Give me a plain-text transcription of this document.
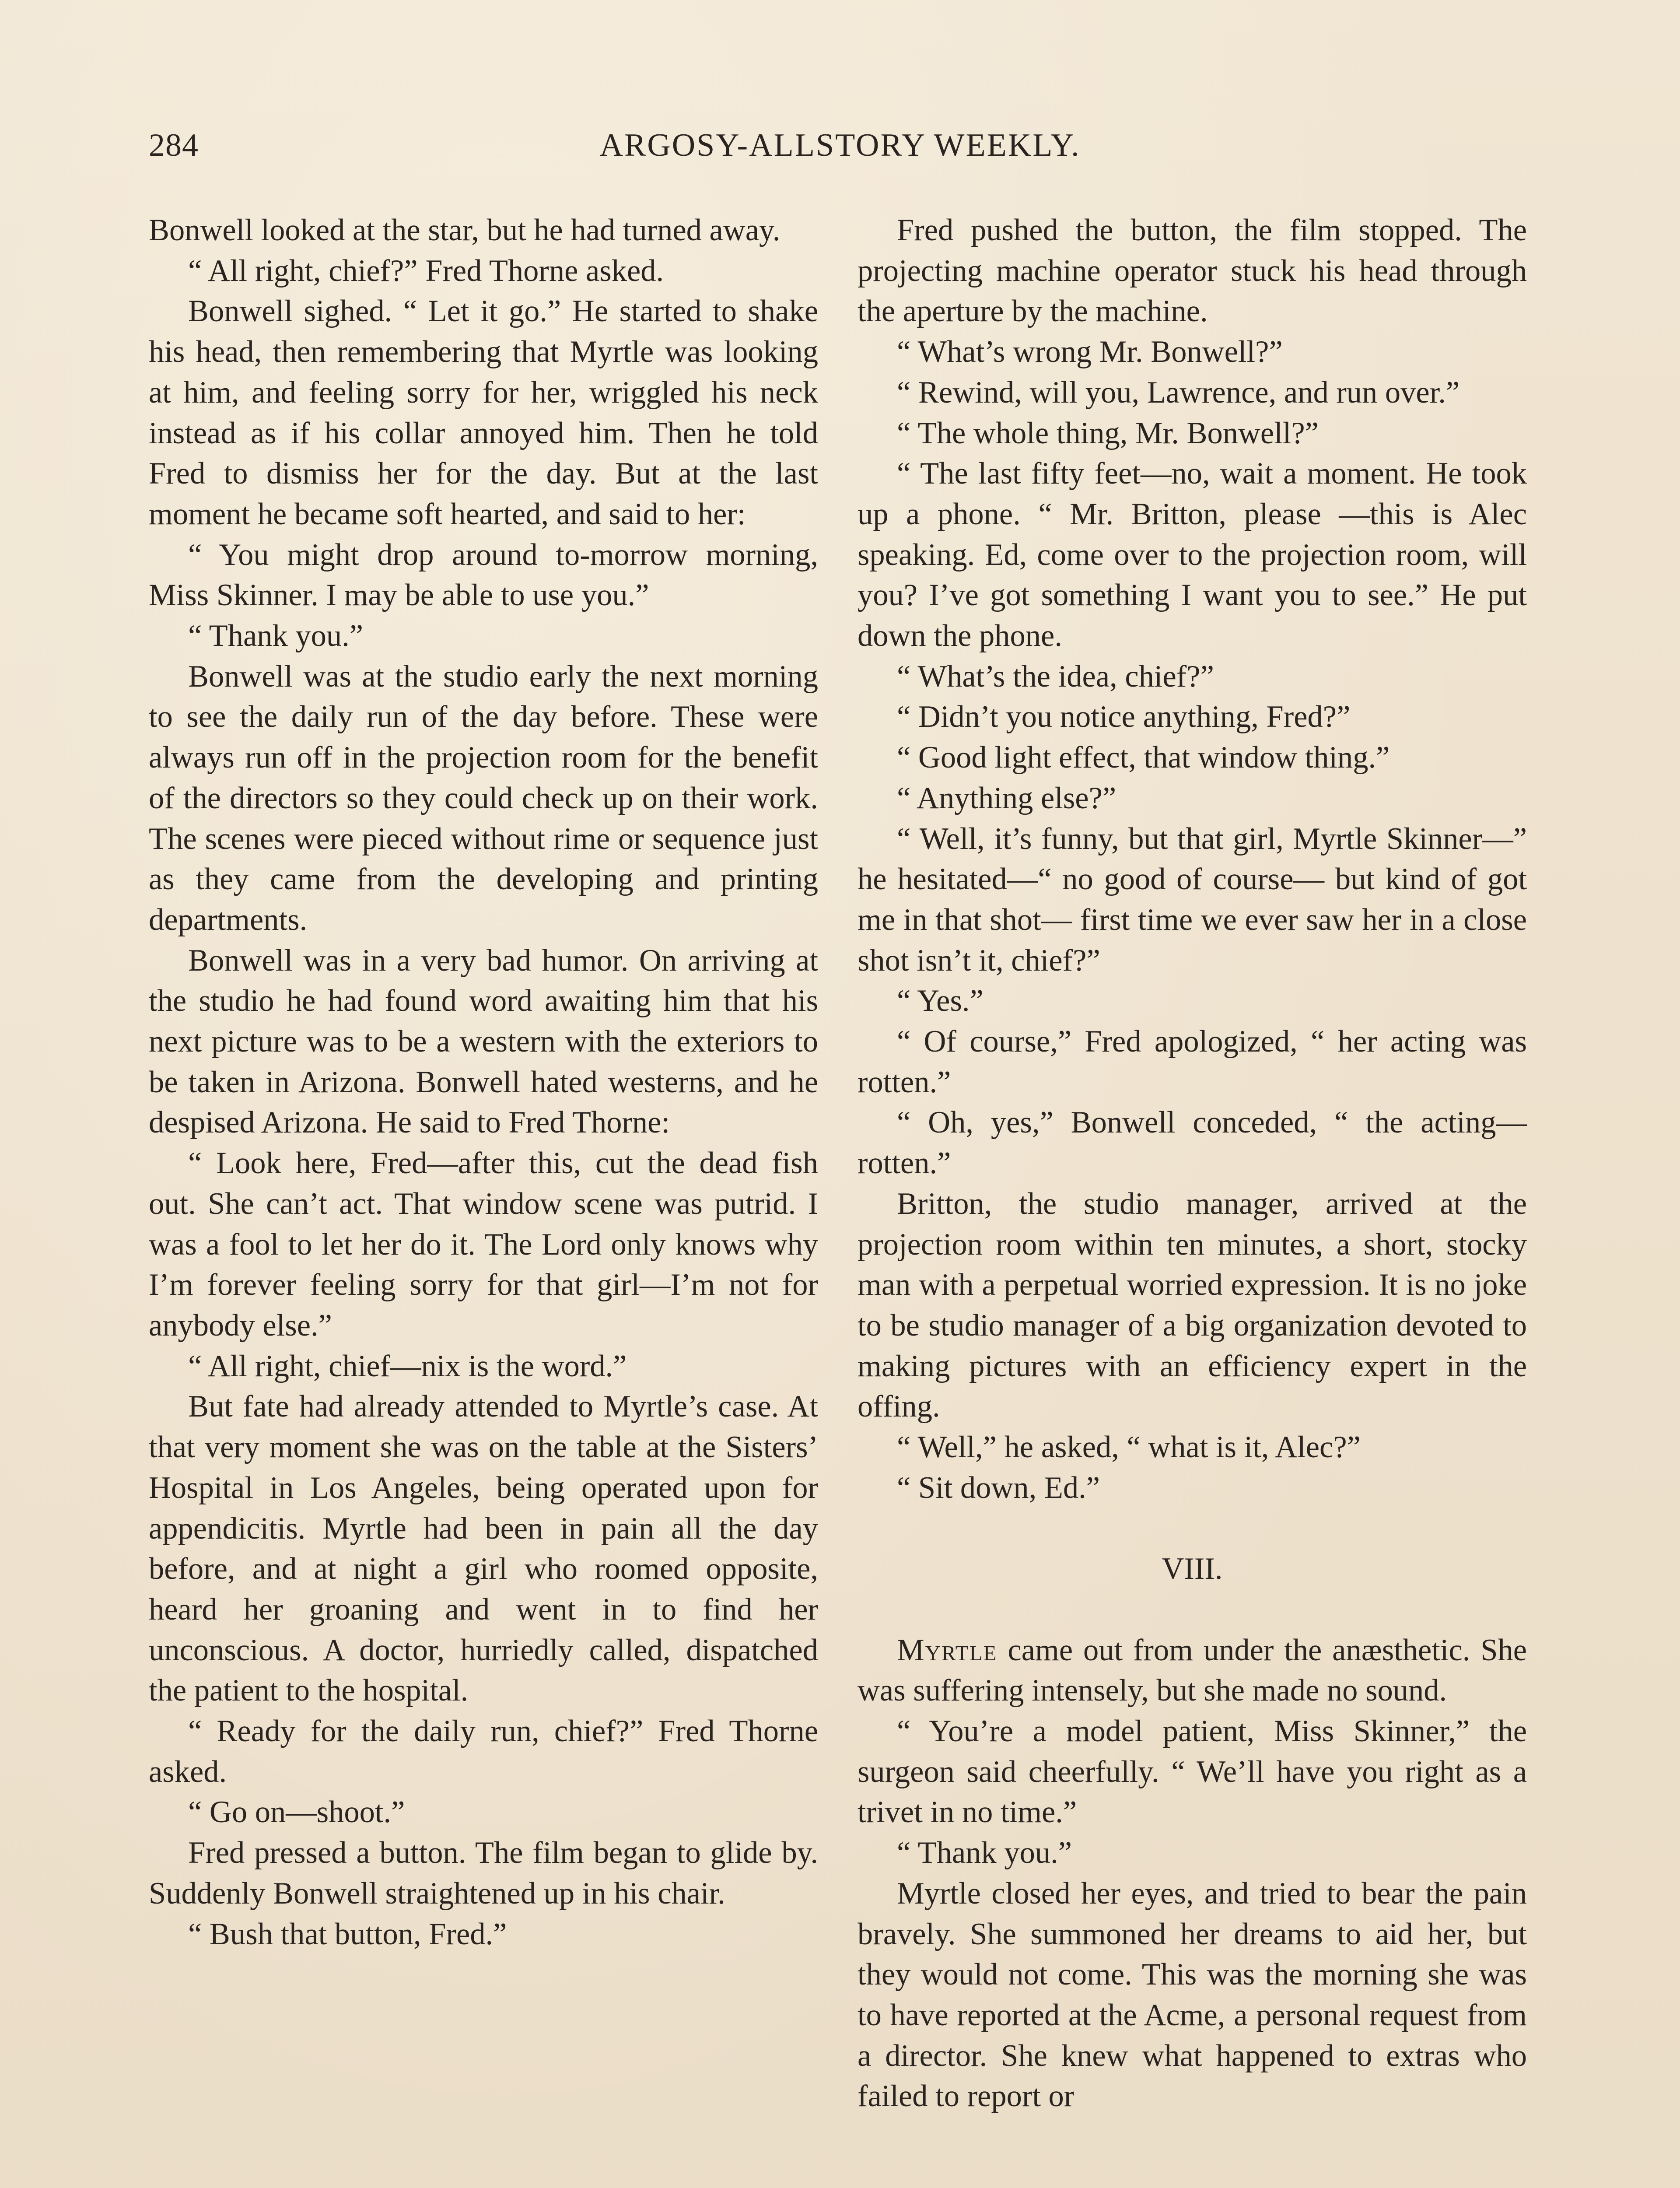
284	ARGOSY-ALLSTORY WEEKLY.

Bonwell looked at the star, but he had turned away.

“ All right, chief?” Fred Thorne asked.

Bonwell sighed. “ Let it go.” He started to shake his head, then remembering that Myrtle was looking at him, and feeling sorry for her, wriggled his neck instead as if his collar annoyed him. Then he told Fred to dismiss her for the day. But at the last moment he became soft hearted, and said to her:

“ You might drop around to-morrow morning, Miss Skinner. I may be able to use you.”

“ Thank you.”

Bonwell was at the studio early the next morning to see the daily run of the day before. These were always run off in the projection room for the benefit of the directors so they could check up on their work. The scenes were pieced without rime or sequence just as they came from the developing and printing departments.

Bonwell was in a very bad humor. On arriving at the studio he had found word awaiting him that his next picture was to be a western with the exteriors to be taken in Arizona. Bonwell hated westerns, and he despised Arizona. He said to Fred Thorne:

“ Look here, Fred—after this, cut the dead fish out. She can’t act. That window scene was putrid. I was a fool to let her do it. The Lord only knows why I’m forever feeling sorry for that girl—I’m not for anybody else.”

“ All right, chief—nix is the word.”

But fate had already attended to Myrtle’s case. At that very moment she was on the table at the Sisters’ Hospital in Los Angeles, being operated upon for appendicitis. Myrtle had been in pain all the day before, and at night a girl who roomed opposite, heard her groaning and went in to find her unconscious. A doctor, hurriedly called, dispatched the patient to the hospital.

“ Ready for the daily run, chief?” Fred Thorne asked.

“ Go on—shoot.”

Fred pressed a button. The film began to glide by. Suddenly Bonwell straightened up in his chair.

“ Bush that button, Fred.”

Fred pushed the button, the film stopped. The projecting machine operator stuck his head through the aperture by the machine.

“ What’s wrong Mr. Bonwell?”

“ Rewind, will you, Lawrence, and run over.”

“ The whole thing, Mr. Bonwell?”

“ The last fifty feet—no, wait a moment. He took up a phone. “ Mr. Britton, please —this is Alec speaking. Ed, come over to the projection room, will you? I’ve got something I want you to see.” He put down the phone.

“ What’s the idea, chief?”

“ Didn’t you notice anything, Fred?”

“ Good light effect, that window thing.”

“ Anything else?”

“ Well, it’s funny, but that girl, Myrtle Skinner—” he hesitated—“ no good of course— but kind of got me in that shot— first time we ever saw her in a close shot isn’t it, chief?”

“ Yes.”

“ Of course,” Fred apologized, “ her acting was rotten.”

“ Oh, yes,” Bonwell conceded, “ the acting—rotten.”

Britton, the studio manager, arrived at the projection room within ten minutes, a short, stocky man with a perpetual worried expression. It is no joke to be studio manager of a big organization devoted to making pictures with an efficiency expert in the offing.

“ Well,” he asked, “ what is it, Alec?”

“ Sit down, Ed.”

VIII.

Myrtle came out from under the anæsthetic. She was suffering intensely, but she made no sound.

“ You’re a model patient, Miss Skinner,” the surgeon said cheerfully. “ We’ll have you right as a trivet in no time.”

“ Thank you.”

Myrtle closed her eyes, and tried to bear the pain bravely. She summoned her dreams to aid her, but they would not come. This was the morning she was to have reported at the Acme, a personal request from a director. She knew what happened to extras who failed to report or
